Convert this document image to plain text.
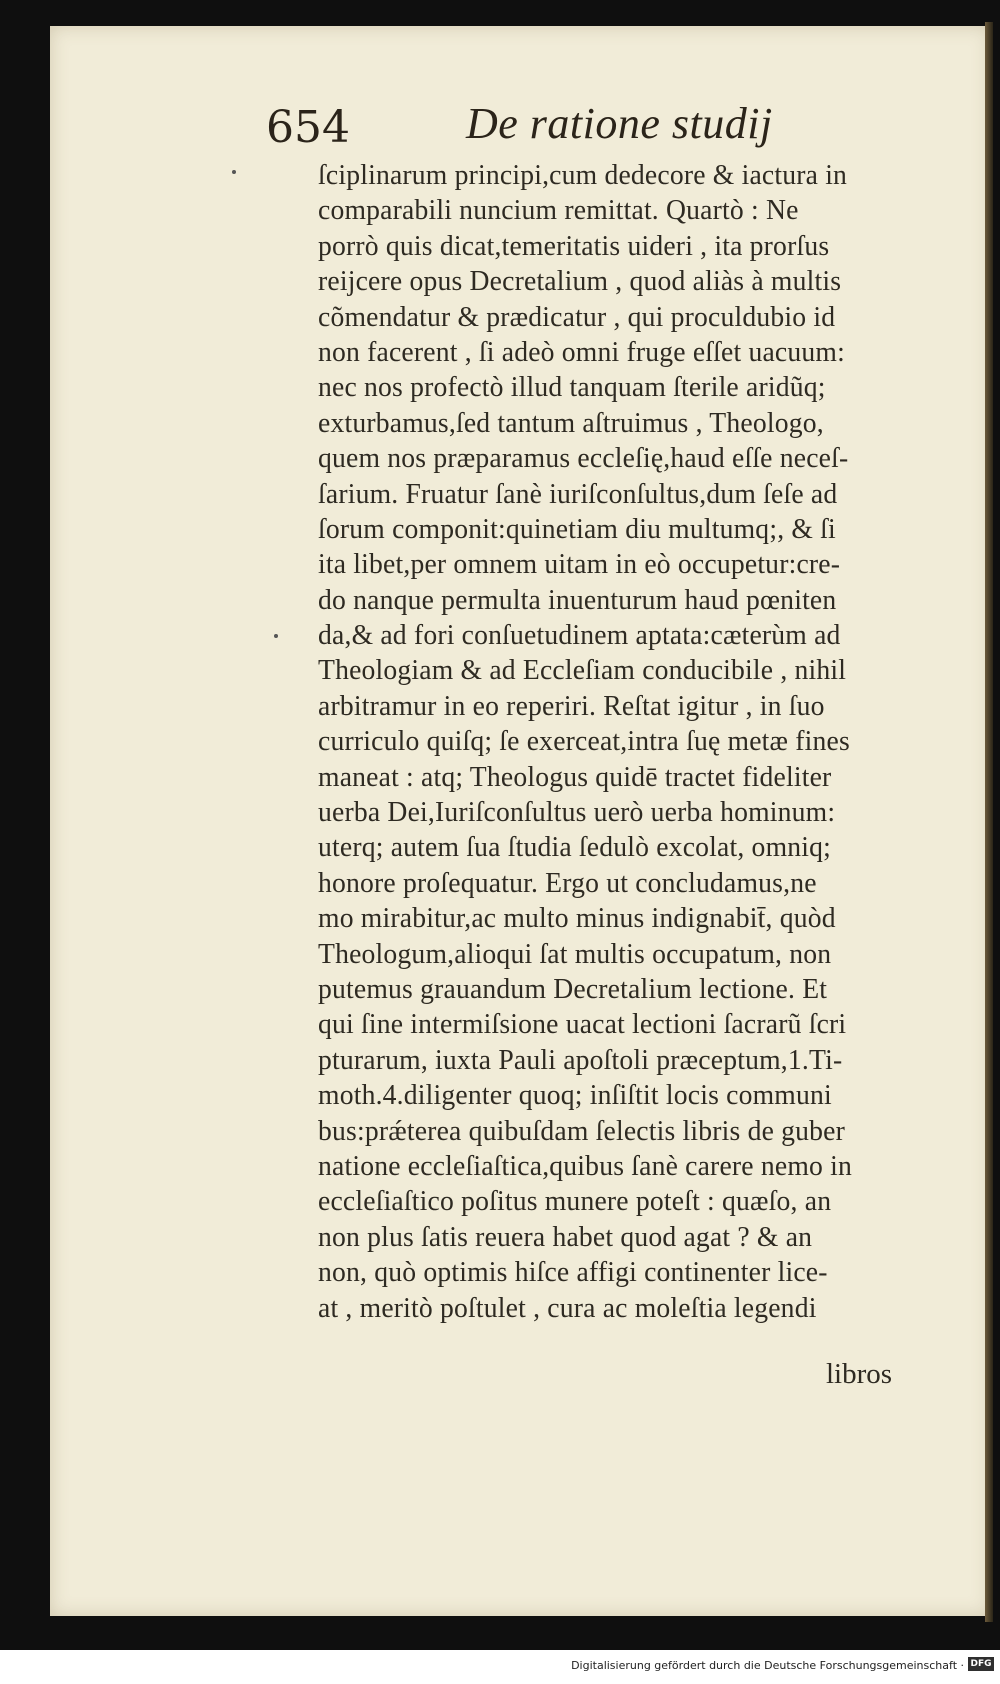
654	De ratione studij
ſciplinarum principi,cum dedecore & iactura in
comparabili nuncium remittat. Quartò : Ne
porrò quis dicat,temeritatis uideri , ita prorſus
reijcere opus Decretalium , quod aliàs à multis
cõmendatur & prædicatur , qui proculdubio id
non facerent , ſi adeò omni fruge eſſet uacuum:
nec nos profectò illud tanquam ſterile aridũq;
exturbamus,ſed tantum aſtruimus , Theologo,
quem nos præparamus eccleſię,haud eſſe neceſ-
ſarium. Fruatur ſanè iuriſconſultus,dum ſeſe ad
ſorum componit:quinetiam diu multumq;, & ſi
ita libet,per omnem uitam in eò occupetur:cre-
do nanque permulta inuenturum haud pœniten
da,& ad fori conſuetudinem aptata:cæterùm ad
Theologiam & ad Eccleſiam conducibile , nihil
arbitramur in eo reperiri. Reſtat igitur , in ſuo
curriculo quiſq; ſe exerceat,intra ſuę metæ fines
maneat : atq; Theologus quidē tractet fideliter
uerba Dei,Iuriſconſultus uerò uerba hominum:
uterq; autem ſua ſtudia ſedulò excolat, omniq;
honore proſequatur. Ergo ut concludamus,ne
mo mirabitur,ac multo minus indignabit̄, quòd
Theologum,alioqui ſat multis occupatum, non
putemus grauandum Decretalium lectione. Et
qui ſine intermiſsione uacat lectioni ſacrarũ ſcri
pturarum, iuxta Pauli apoſtoli præceptum,1.Ti-
moth.4.diligenter quoq; inſiſtit locis communi
bus:prǽterea quibuſdam ſelectis libris de guber
natione eccleſiaſtica,quibus ſanè carere nemo in
eccleſiaſtico poſitus munere poteſt : quæſo, an
non plus ſatis reuera habet quod agat ? & an
non, quò optimis hiſce affigi continenter lice-
at , meritò poſtulet , cura ac moleſtia legendi
libros
Digitalisierung gefördert durch die Deutsche Forschungsgemeinschaft · DFG
